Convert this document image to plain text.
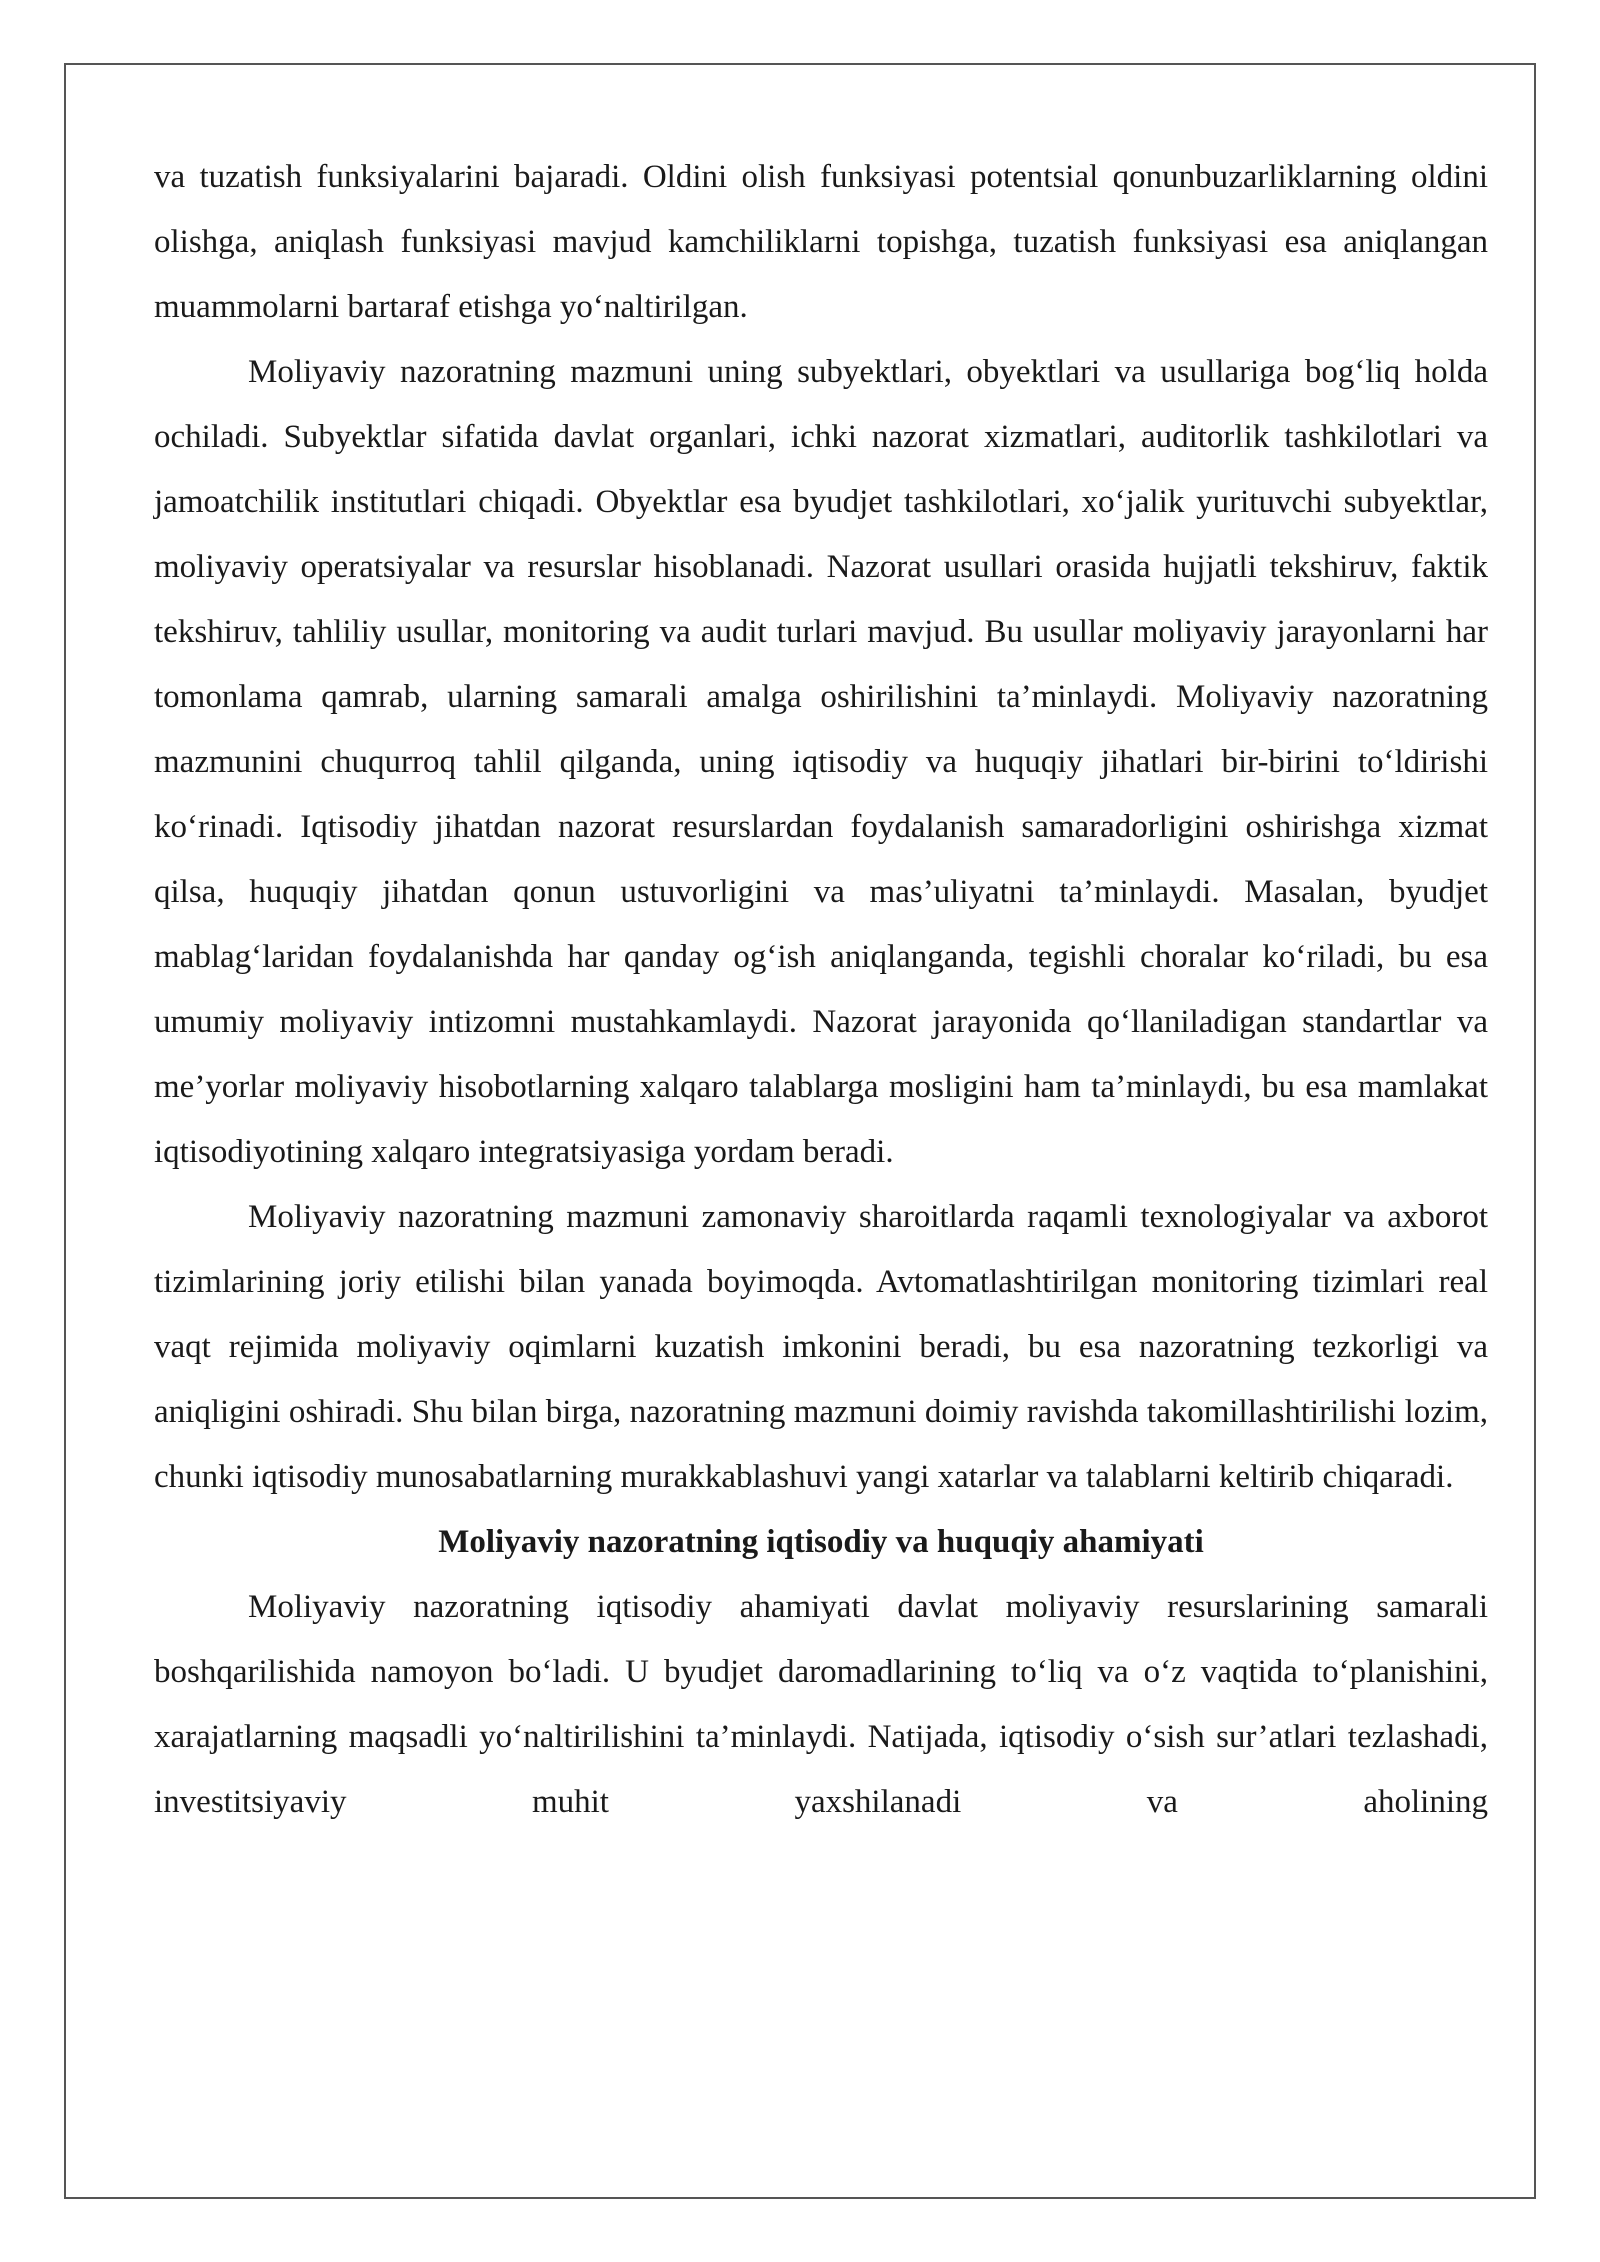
va tuzatish funksiyalarini bajaradi. Oldini olish funksiyasi potentsial qonunbuzarliklarning oldini olishga, aniqlash funksiyasi mavjud kamchiliklarni topishga, tuzatish funksiyasi esa aniqlangan muammolarni bartaraf etishga yo‘naltirilgan.

Moliyaviy nazoratning mazmuni uning subyektlari, obyektlari va usullariga bog‘liq holda ochiladi. Subyektlar sifatida davlat organlari, ichki nazorat xizmatlari, auditorlik tashkilotlari va jamoatchilik institutlari chiqadi. Obyektlar esa byudjet tashkilotlari, xo‘jalik yurituvchi subyektlar, moliyaviy operatsiyalar va resurslar hisoblanadi. Nazorat usullari orasida hujjatli tekshiruv, faktik tekshiruv, tahliliy usullar, monitoring va audit turlari mavjud. Bu usullar moliyaviy jarayonlarni har tomonlama qamrab, ularning samarali amalga oshirilishini ta’minlaydi. Moliyaviy nazoratning mazmunini chuqurroq tahlil qilganda, uning iqtisodiy va huquqiy jihatlari bir-birini to‘ldirishi ko‘rinadi. Iqtisodiy jihatdan nazorat resurslardan foydalanish samaradorligini oshirishga xizmat qilsa, huquqiy jihatdan qonun ustuvorligini va mas’uliyatni ta’minlaydi. Masalan, byudjet mablag‘laridan foydalanishda har qanday og‘ish aniqlanganda, tegishli choralar ko‘riladi, bu esa umumiy moliyaviy intizomni mustahkamlaydi. Nazorat jarayonida qo‘llaniladigan standartlar va me’yorlar moliyaviy hisobotlarning xalqaro talablarga mosligini ham ta’minlaydi, bu esa mamlakat iqtisodiyotining xalqaro integratsiyasiga yordam beradi.

Moliyaviy nazoratning mazmuni zamonaviy sharoitlarda raqamli texnologiyalar va axborot tizimlarining joriy etilishi bilan yanada boyimoqda. Avtomatlashtirilgan monitoring tizimlari real vaqt rejimida moliyaviy oqimlarni kuzatish imkonini beradi, bu esa nazoratning tezkorligi va aniqligini oshiradi. Shu bilan birga, nazoratning mazmuni doimiy ravishda takomillashtirilishi lozim, chunki iqtisodiy munosabatlarning murakkablashuvi yangi xatarlar va talablarni keltirib chiqaradi.

Moliyaviy nazoratning iqtisodiy va huquqiy ahamiyati

Moliyaviy nazoratning iqtisodiy ahamiyati davlat moliyaviy resurslarining samarali boshqarilishida namoyon bo‘ladi. U byudjet daromadlarining to‘liq va o‘z vaqtida to‘planishini, xarajatlarning maqsadli yo‘naltirilishini ta’minlaydi. Natijada, iqtisodiy o‘sish sur’atlari tezlashadi, investitsiyaviy muhit yaxshilanadi va aholining
